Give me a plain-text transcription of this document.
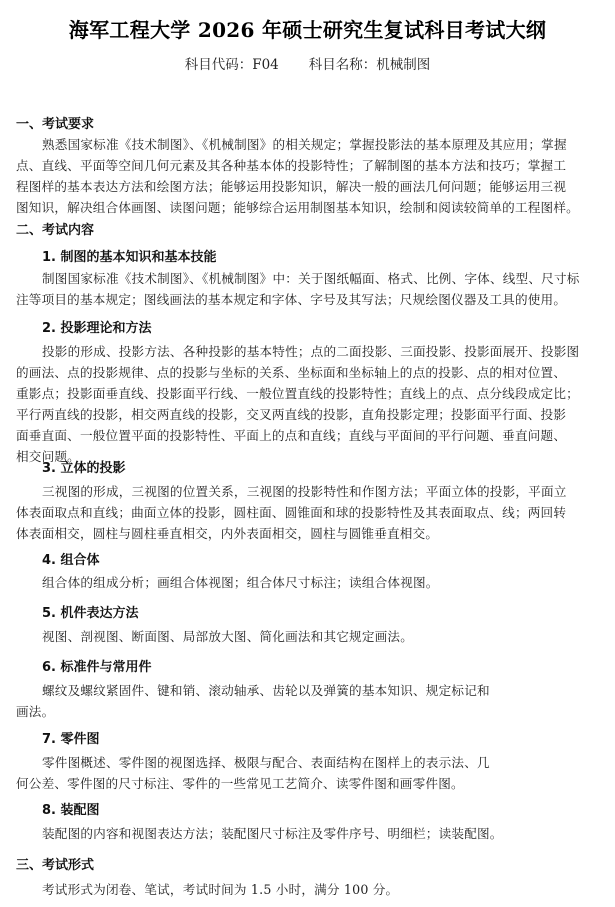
海军工程大学 2026 年硕士研究生复试科目考试大纲
科目代码：F04 科目名称：机械制图
一、考试要求
熟悉国家标准《技术制图》、《机械制图》的相关规定；掌握投影法的基本原理及其应用；掌握
点、直线、平面等空间几何元素及其各种基本体的投影特性；了解制图的基本方法和技巧；掌握工
程图样的基本表达方法和绘图方法；能够运用投影知识，解决一般的画法几何问题；能够运用三视
图知识，解决组合体画图、读图问题；能够综合运用制图基本知识，绘制和阅读较简单的工程图样。
二、考试内容
1. 制图的基本知识和基本技能
制图国家标准《技术制图》、《机械制图》中：关于图纸幅面、格式、比例、字体、线型、尺寸标
注等项目的基本规定；图线画法的基本规定和字体、字号及其写法；尺规绘图仪器及工具的使用。
2. 投影理论和方法
投影的形成、投影方法、各种投影的基本特性；点的二面投影、三面投影、投影面展开、投影图
的画法、点的投影规律、点的投影与坐标的关系、坐标面和坐标轴上的点的投影、点的相对位置、
重影点；投影面垂直线、投影面平行线、一般位置直线的投影特性；直线上的点、点分线段成定比；
平行两直线的投影，相交两直线的投影，交叉两直线的投影，直角投影定理；投影面平行面、投影
面垂直面、一般位置平面的投影特性、平面上的点和直线；直线与平面间的平行问题、垂直问题、
相交问题。
3. 立体的投影
三视图的形成，三视图的位置关系，三视图的投影特性和作图方法；平面立体的投影，平面立
体表面取点和直线；曲面立体的投影，圆柱面、圆锥面和球的投影特性及其表面取点、线；两回转
体表面相交，圆柱与圆柱垂直相交，内外表面相交，圆柱与圆锥垂直相交。
4. 组合体
组合体的组成分析；画组合体视图；组合体尺寸标注；读组合体视图。
5. 机件表达方法
视图、剖视图、断面图、局部放大图、简化画法和其它规定画法。
6. 标准件与常用件
螺纹及螺纹紧固件、键和销、滚动轴承、齿轮以及弹簧的基本知识、规定标记和
画法。
7. 零件图
零件图概述、零件图的视图选择、极限与配合、表面结构在图样上的表示法、几
何公差、零件图的尺寸标注、零件的一些常见工艺简介、读零件图和画零件图。
8. 装配图
装配图的内容和视图表达方法；装配图尺寸标注及零件序号、明细栏；读装配图。
三、考试形式
考试形式为闭卷、笔试，考试时间为 1.5 小时，满分 100 分。
